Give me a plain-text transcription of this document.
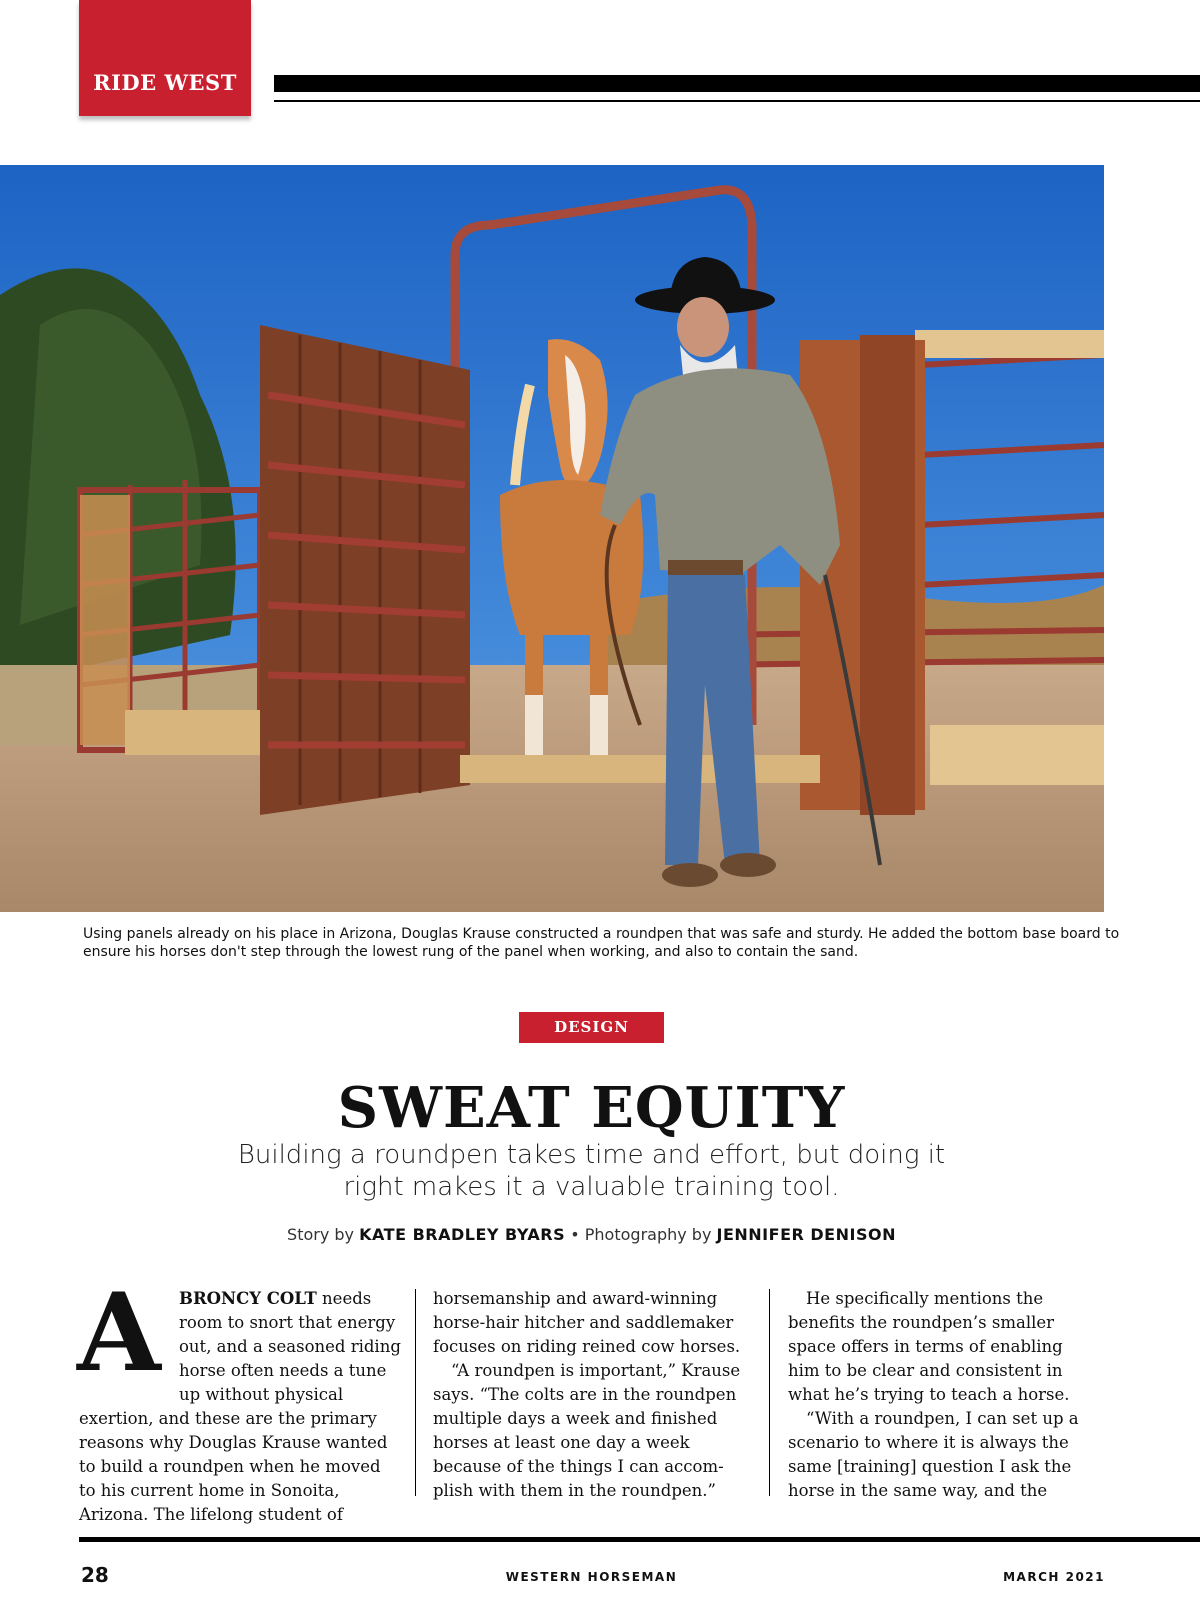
RIDE WEST
Using panels already on his place in Arizona, Douglas Krause constructed a roundpen that was safe and sturdy. He added the bottom base board to ensure his horses don't step through the lowest rung of the panel when working, and also to contain the sand.
DESIGN
SWEAT EQUITY
Building a roundpen takes time and effort, but doing it right makes it a valuable training tool.
Story by KATE BRADLEY BYARS • Photography by JENNIFER DENISON

A	BRONCY COLT needs room to snort that energy out, and a seasoned riding horse often needs a tune up without physical exertion, and these are the primary reasons why Douglas Krause wanted to build a roundpen when he moved to his current home in Sonoita, Arizona. The lifelong student of

horsemanship and award-winning horse-hair hitcher and saddlemaker focuses on riding reined cow horses.

“A roundpen is important,” Krause says. “The colts are in the roundpen multiple days a week and finished horses at least one day a week because of the things I can accomplish with them in the roundpen.”

He specifically mentions the benefits the roundpen’s smaller space offers in terms of enabling him to be clear and consistent in what he’s trying to teach a horse.

“With a roundpen, I can set up a scenario to where it is always the same [training] question I ask the horse in the same way, and the

28	WESTERN HORSEMAN	MARCH 2021
